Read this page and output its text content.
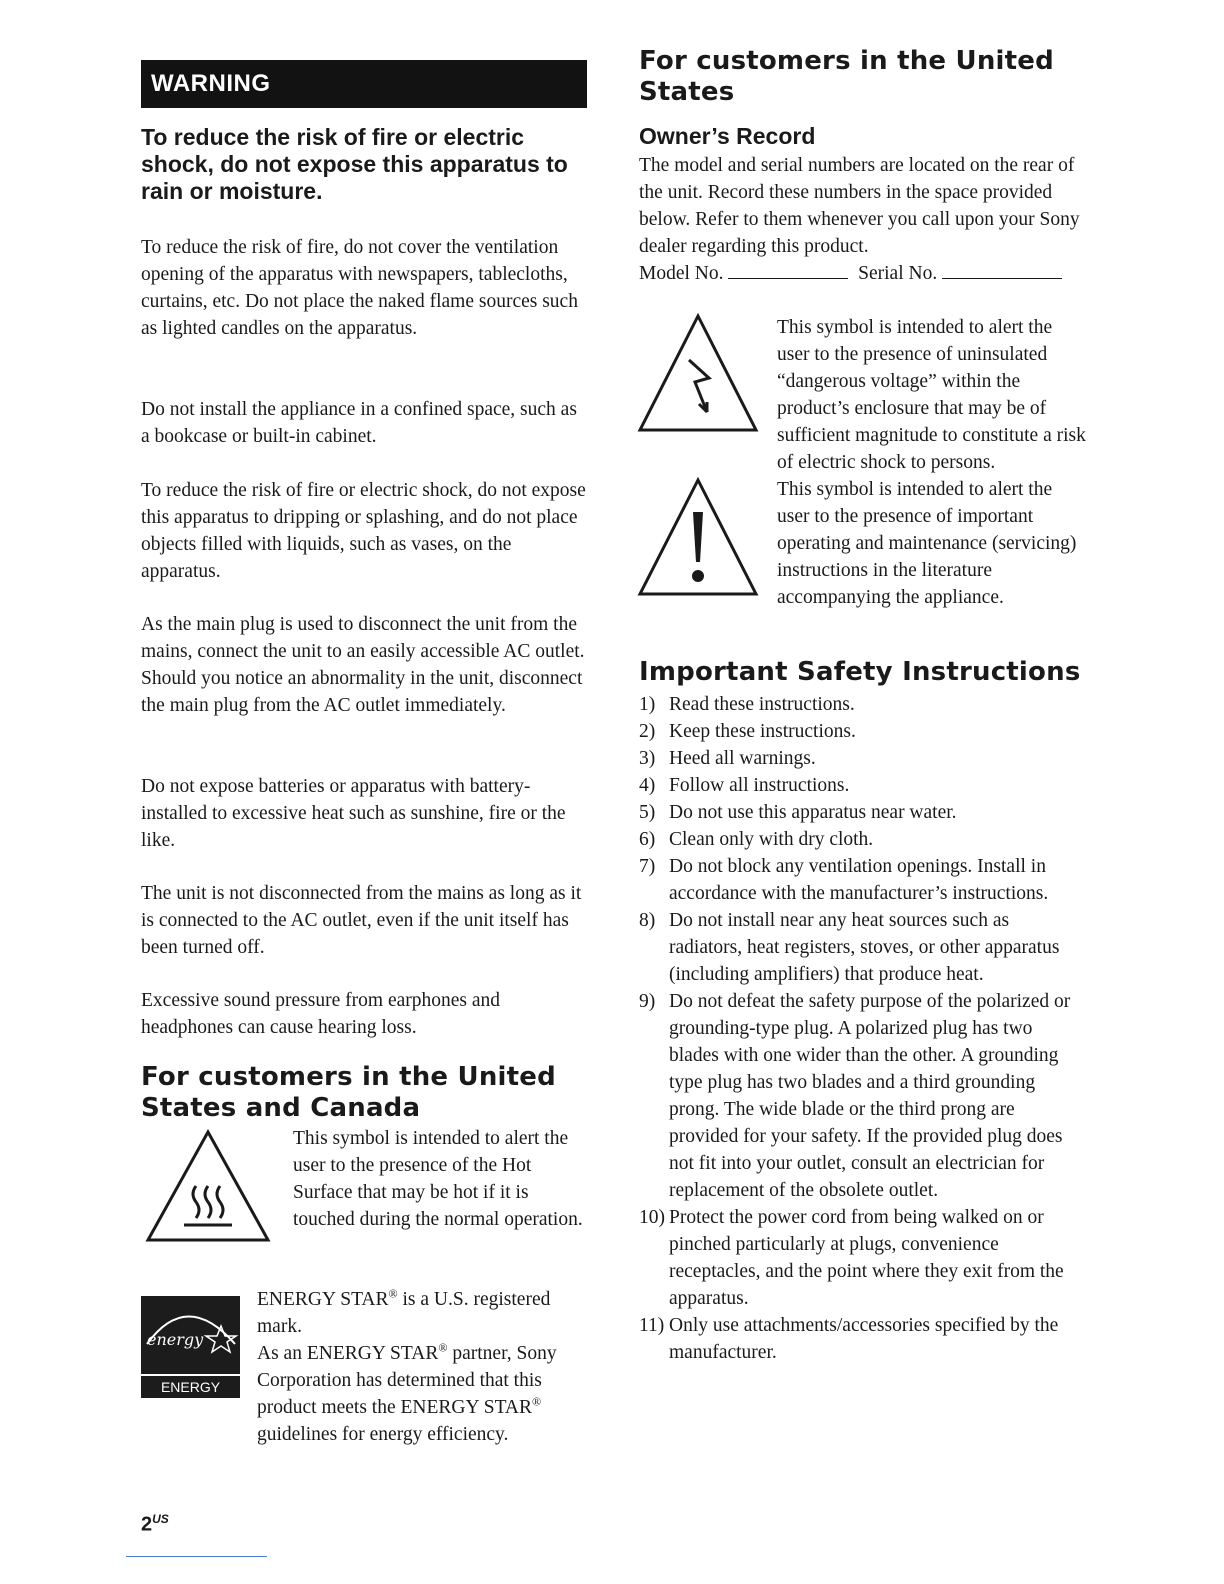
WARNING

To reduce the risk of fire or electric shock, do not expose this apparatus to rain or moisture.

To reduce the risk of fire, do not cover the ventilation opening of the apparatus with newspapers, tablecloths, curtains, etc. Do not place the naked flame sources such as lighted candles on the apparatus.

Do not install the appliance in a confined space, such as a bookcase or built-in cabinet.

To reduce the risk of fire or electric shock, do not expose this apparatus to dripping or splashing, and do not place objects filled with liquids, such as vases, on the apparatus.

As the main plug is used to disconnect the unit from the mains, connect the unit to an easily accessible AC outlet. Should you notice an abnormality in the unit, disconnect the main plug from the AC outlet immediately.

Do not expose batteries or apparatus with battery-installed to excessive heat such as sunshine, fire or the like.

The unit is not disconnected from the mains as long as it is connected to the AC outlet, even if the unit itself has been turned off.

Excessive sound pressure from earphones and headphones can cause hearing loss.

For customers in the United

States and Canada

This symbol is intended to alert the user to the presence of the Hot Surface that may be hot if it is touched during the normal operation.

energy
ENERGY STAR
ENERGY STAR® is a U.S. registered mark.
As an ENERGY STAR® partner, Sony Corporation has determined that this product meets the ENERGY STAR® guidelines for energy efficiency.
$2^{US}$

For customers in the United

States

Owner’s Record

The model and serial numbers are located on the rear of the unit. Record these numbers in the space provided below. Refer to them whenever you call upon your Sony dealer regarding this product.

Model No.	Serial No.

This symbol is intended to alert the user to the presence of uninsulated “dangerous voltage” within the product’s enclosure that may be of sufficient magnitude to constitute a risk of electric shock to persons.

This symbol is intended to alert the user to the presence of important operating and maintenance (servicing) instructions in the literature accompanying the appliance.

Important Safety Instructions

1) Read these instructions.
2) Keep these instructions.
3) Heed all warnings.
4) Follow all instructions.
5) Do not use this apparatus near water.
6) Clean only with dry cloth.
7) Do not block any ventilation openings. Install in accordance with the manufacturer’s instructions.
8) Do not install near any heat sources such as radiators, heat registers, stoves, or other apparatus (including amplifiers) that produce heat.
9) Do not defeat the safety purpose of the polarized or grounding-type plug. A polarized plug has two blades with one wider than the other. A grounding type plug has two blades and a third grounding prong. The wide blade or the third prong are provided for your safety. If the provided plug does not fit into your outlet, consult an electrician for replacement of the obsolete outlet.
10) Protect the power cord from being walked on or pinched particularly at plugs, convenience receptacles, and the point where they exit from the apparatus.
11) Only use attachments/accessories specified by the manufacturer.
